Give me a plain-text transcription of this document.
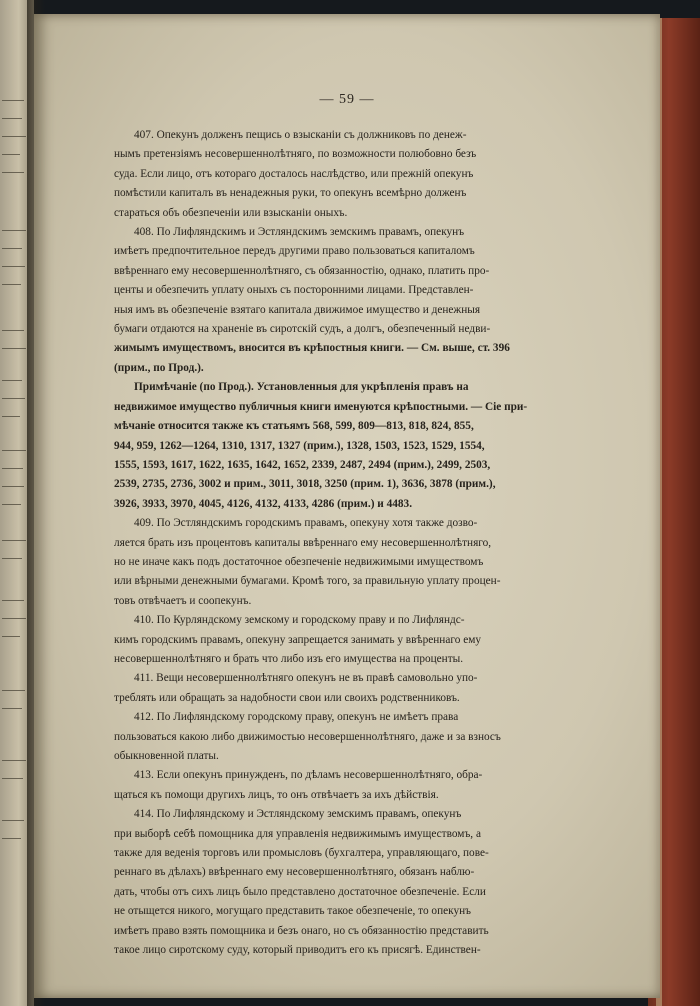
— 59 —
407. Опекунъ долженъ пещись о взысканіи съ должниковъ по денеж-
нымъ претензіямъ несовершеннолѣтняго, по возможности полюбовно безъ
суда. Если лицо, отъ котораго досталось наслѣдство, или прежній опекунъ
помѣстили капиталъ въ ненадежныя руки, то опекунъ всемѣрно долженъ
стараться объ обезпеченіи или взысканіи оныхъ.
408. По Лифляндскимъ и Эстляндскимъ земскимъ правамъ, опекунъ
имѣетъ предпочтительное передъ другими право пользоваться капиталомъ
ввѣреннаго ему несовершеннолѣтняго, съ обязанностію, однако, платить про-
центы и обезпечить уплату оныхъ съ посторонними лицами. Представлен-
ныя имъ въ обезпеченіе взятаго капитала движимое имущество и денежныя
бумаги отдаются на храненіе въ сиротскій судъ, а долгъ, обезпеченный недви-
жимымъ имуществомъ, вносится въ крѣпостныя книги. — См. выше, ст. 396
(прим., по Прод.).
Примѣчаніе (по Прод.). Установленныя для укрѣпленія правъ на
недвижимое имущество публичныя книги именуются крѣпостными. — Сіе при-
мѣчаніе относится также къ статьямъ 568, 599, 809—813, 818, 824, 855,
944, 959, 1262—1264, 1310, 1317, 1327 (прим.), 1328, 1503, 1523, 1529, 1554,
1555, 1593, 1617, 1622, 1635, 1642, 1652, 2339, 2487, 2494 (прим.), 2499, 2503,
2539, 2735, 2736, 3002 и прим., 3011, 3018, 3250 (прим. 1), 3636, 3878 (прим.),
3926, 3933, 3970, 4045, 4126, 4132, 4133, 4286 (прим.) и 4483.
409. По Эстляндскимъ городскимъ правамъ, опекуну хотя также дозво-
ляется брать изъ процентовъ капиталы ввѣреннаго ему несовершеннолѣтняго,
но не иначе какъ подъ достаточное обезпеченіе недвижимыми имуществомъ
или вѣрными денежными бумагами. Кромѣ того, за правильную уплату процен-
товъ отвѣчаетъ и соопекунъ.
410. По Курляндскому земскому и городскому праву и по Лифляндс-
кимъ городскимъ правамъ, опекуну запрещается занимать у ввѣреннаго ему
несовершеннолѣтняго и брать что либо изъ его имущества на проценты.
411. Вещи несовершеннолѣтняго опекунъ не въ правѣ самовольно упо-
треблять или обращать за надобности свои или своихъ родственниковъ.
412. По Лифляндскому городскому праву, опекунъ не имѣетъ права
пользоваться какою либо движимостью несовершеннолѣтняго, даже и за взносъ
обыкновенной платы.
413. Если опекунъ принужденъ, по дѣламъ несовершеннолѣтняго, обра-
щаться къ помощи другихъ лицъ, то онъ отвѣчаетъ за ихъ дѣйствія.
414. По Лифляндскому и Эстляндскому земскимъ правамъ, опекунъ
при выборѣ себѣ помощника для управленія недвижимымъ имуществомъ, а
также для веденія торговъ или промысловъ (бухгалтера, управляющаго, пове-
реннаго въ дѣлахъ) ввѣреннаго ему несовершеннолѣтняго, обязанъ наблю-
дать, чтобы отъ сихъ лицъ было представлено достаточное обезпеченіе. Если
не отыщется никого, могущаго представить такое обезпеченіе, то опекунъ
имѣетъ право взять помощника и безъ онаго, но съ обязанностію представить
такое лицо сиротскому суду, который приводитъ его къ присягѣ. Единствен-
